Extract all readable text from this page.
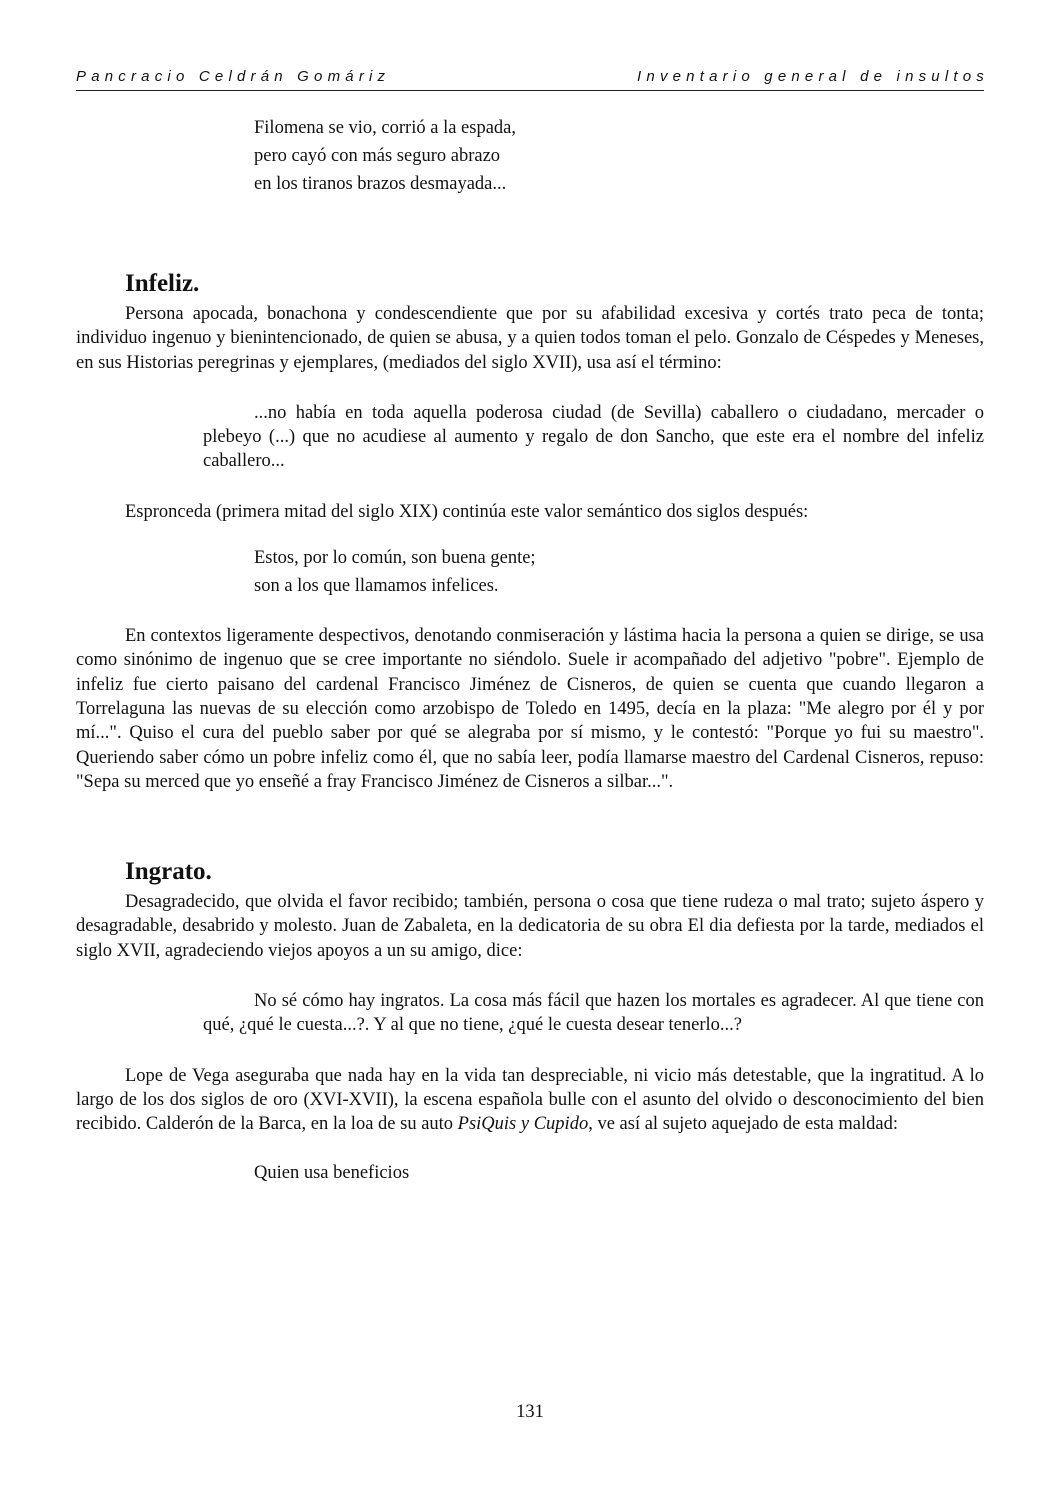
Pancracio Celdrán Gomáriz	Inventario general de insultos
Filomena se vio, corrió a la espada,
pero cayó con más seguro abrazo
en los tiranos brazos desmayada...
Infeliz.

Persona apocada, bonachona y condescendiente que por su afabilidad excesiva y cortés trato peca de tonta; individuo ingenuo y bienintencionado, de quien se abusa, y a quien todos toman el pelo. Gonzalo de Céspedes y Meneses, en sus Historias peregrinas y ejemplares, (mediados del siglo XVII), usa así el término:

...no había en toda aquella poderosa ciudad (de Sevilla) caballero o ciudadano, mercader o plebeyo (...) que no acudiese al aumento y regalo de don Sancho, que este era el nombre del infeliz caballero...

Espronceda (primera mitad del siglo XIX) continúa este valor semántico dos siglos después:

Estos, por lo común, son buena gente;
son a los que llamamos infelices.

En contextos ligeramente despectivos, denotando conmiseración y lástima hacia la persona a quien se dirige, se usa como sinónimo de ingenuo que se cree importante no siéndolo. Suele ir acompañado del adjetivo "pobre". Ejemplo de infeliz fue cierto paisano del cardenal Francisco Jiménez de Cisneros, de quien se cuenta que cuando llegaron a Torrelaguna las nuevas de su elección como arzobispo de Toledo en 1495, decía en la plaza: "Me alegro por él y por mí...". Quiso el cura del pueblo saber por qué se alegraba por sí mismo, y le contestó: "Porque yo fui su maestro". Queriendo saber cómo un pobre infeliz como él, que no sabía leer, podía llamarse maestro del Cardenal Cisneros, repuso: "Sepa su merced que yo enseñé a fray Francisco Jiménez de Cisneros a silbar...".

Ingrato.

Desagradecido, que olvida el favor recibido; también, persona o cosa que tiene rudeza o mal trato; sujeto áspero y desagradable, desabrido y molesto. Juan de Zabaleta, en la dedicatoria de su obra El dia defiesta por la tarde, mediados el siglo XVII, agradeciendo viejos apoyos a un su amigo, dice:

No sé cómo hay ingratos. La cosa más fácil que hazen los mortales es agradecer. Al que tiene con qué, ¿qué le cuesta...?. Y al que no tiene, ¿qué le cuesta desear tenerlo...?

Lope de Vega aseguraba que nada hay en la vida tan despreciable, ni vicio más detestable, que la ingratitud. A lo largo de los dos siglos de oro (XVI-XVII), la escena española bulle con el asunto del olvido o desconocimiento del bien recibido. Calderón de la Barca, en la loa de su auto PsiQuis y Cupido, ve así al sujeto aquejado de esta maldad:

Quien usa beneficios
131
